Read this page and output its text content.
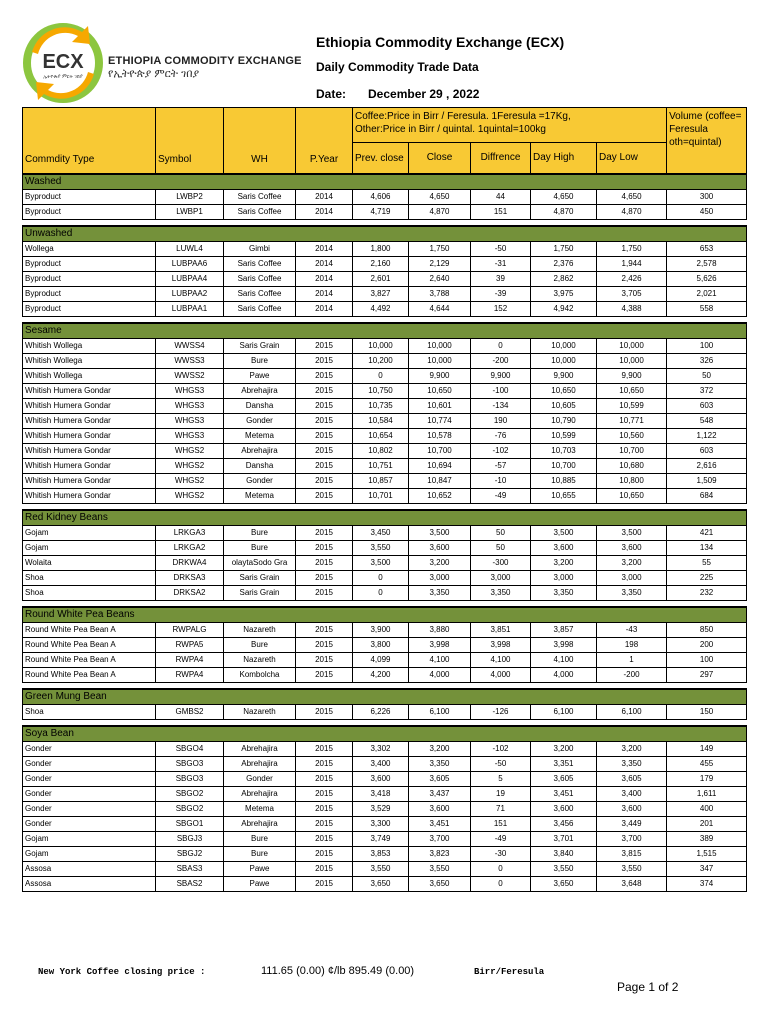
ECX
ኢትዮጵያ ምርት ገበያ
ETHIOPIA COMMODITY EXCHANGE
የኢትዮጵያ ምርት ገበያ
Ethiopia Commodity Exchange (ECX)
Daily Commodity Trade Data
Date: December 29 , 2022
Commdity Type	Symbol	WH	P.Year	Coffee:Price in Birr / Feresula. 1Feresula =17Kg,
Other:Price in Birr / quintal. 1quintal=100kg					Volume (coffee= Feresula oth=quintal)
				Prev. close	Close	Diffrence	Day High	Day Low	
Washed									
Byproduct	LWBP2	Saris Coffee	2014	4,606	4,650	44	4,650	4,650	300
Byproduct	LWBP1	Saris Coffee	2014	4,719	4,870	151	4,870	4,870	450

Unwashed									
Wollega	LUWL4	Gimbi	2014	1,800	1,750	-50	1,750	1,750	653
Byproduct	LUBPAA6	Saris Coffee	2014	2,160	2,129	-31	2,376	1,944	2,578
Byproduct	LUBPAA4	Saris Coffee	2014	2,601	2,640	39	2,862	2,426	5,626
Byproduct	LUBPAA2	Saris Coffee	2014	3,827	3,788	-39	3,975	3,705	2,021
Byproduct	LUBPAA1	Saris Coffee	2014	4,492	4,644	152	4,942	4,388	558

Sesame									
Whitish Wollega	WWSS4	Saris Grain	2015	10,000	10,000	0	10,000	10,000	100
Whitish Wollega	WWSS3	Bure	2015	10,200	10,000	-200	10,000	10,000	326
Whitish Wollega	WWSS2	Pawe	2015	0	9,900	9,900	9,900	9,900	50
Whitish Humera Gondar	WHGS3	Abrehajira	2015	10,750	10,650	-100	10,650	10,650	372
Whitish Humera Gondar	WHGS3	Dansha	2015	10,735	10,601	-134	10,605	10,599	603
Whitish Humera Gondar	WHGS3	Gonder	2015	10,584	10,774	190	10,790	10,771	548
Whitish Humera Gondar	WHGS3	Metema	2015	10,654	10,578	-76	10,599	10,560	1,122
Whitish Humera Gondar	WHGS2	Abrehajira	2015	10,802	10,700	-102	10,703	10,700	603
Whitish Humera Gondar	WHGS2	Dansha	2015	10,751	10,694	-57	10,700	10,680	2,616
Whitish Humera Gondar	WHGS2	Gonder	2015	10,857	10,847	-10	10,885	10,800	1,509
Whitish Humera Gondar	WHGS2	Metema	2015	10,701	10,652	-49	10,655	10,650	684

Red Kidney Beans									
Gojam	LRKGA3	Bure	2015	3,450	3,500	50	3,500	3,500	421
Gojam	LRKGA2	Bure	2015	3,550	3,600	50	3,600	3,600	134
Wolaita	DRKWA4	olaytaSodo Gra	2015	3,500	3,200	-300	3,200	3,200	55
Shoa	DRKSA3	Saris Grain	2015	0	3,000	3,000	3,000	3,000	225
Shoa	DRKSA2	Saris Grain	2015	0	3,350	3,350	3,350	3,350	232

Round White Pea Beans									
Round White Pea Bean A	RWPALG	Nazareth	2015	3,900	3,880	3,851	3,857	-43	850
Round White Pea Bean A	RWPA5	Bure	2015	3,800	3,998	3,998	3,998	198	200
Round White Pea Bean A	RWPA4	Nazareth	2015	4,099	4,100	4,100	4,100	1	100
Round White Pea Bean A	RWPA4	Kombolcha	2015	4,200	4,000	4,000	4,000	-200	297

Green Mung Bean									
Shoa	GMBS2	Nazareth	2015	6,226	6,100	-126	6,100	6,100	150

Soya Bean									
Gonder	SBGO4	Abrehajira	2015	3,302	3,200	-102	3,200	3,200	149
Gonder	SBGO3	Abrehajira	2015	3,400	3,350	-50	3,351	3,350	455
Gonder	SBGO3	Gonder	2015	3,600	3,605	5	3,605	3,605	179
Gonder	SBGO2	Abrehajira	2015	3,418	3,437	19	3,451	3,400	1,611
Gonder	SBGO2	Metema	2015	3,529	3,600	71	3,600	3,600	400
Gonder	SBGO1	Abrehajira	2015	3,300	3,451	151	3,456	3,449	201
Gojam	SBGJ3	Bure	2015	3,749	3,700	-49	3,701	3,700	389
Gojam	SBGJ2	Bure	2015	3,853	3,823	-30	3,840	3,815	1,515
Assosa	SBAS3	Pawe	2015	3,550	3,550	0	3,550	3,550	347
Assosa	SBAS2	Pawe	2015	3,650	3,650	0	3,650	3,648	374
New York Coffee closing price :	111.65 (0.00) ¢/lb 895.49 (0.00)	Birr/Feresula
Page 1 of 2
